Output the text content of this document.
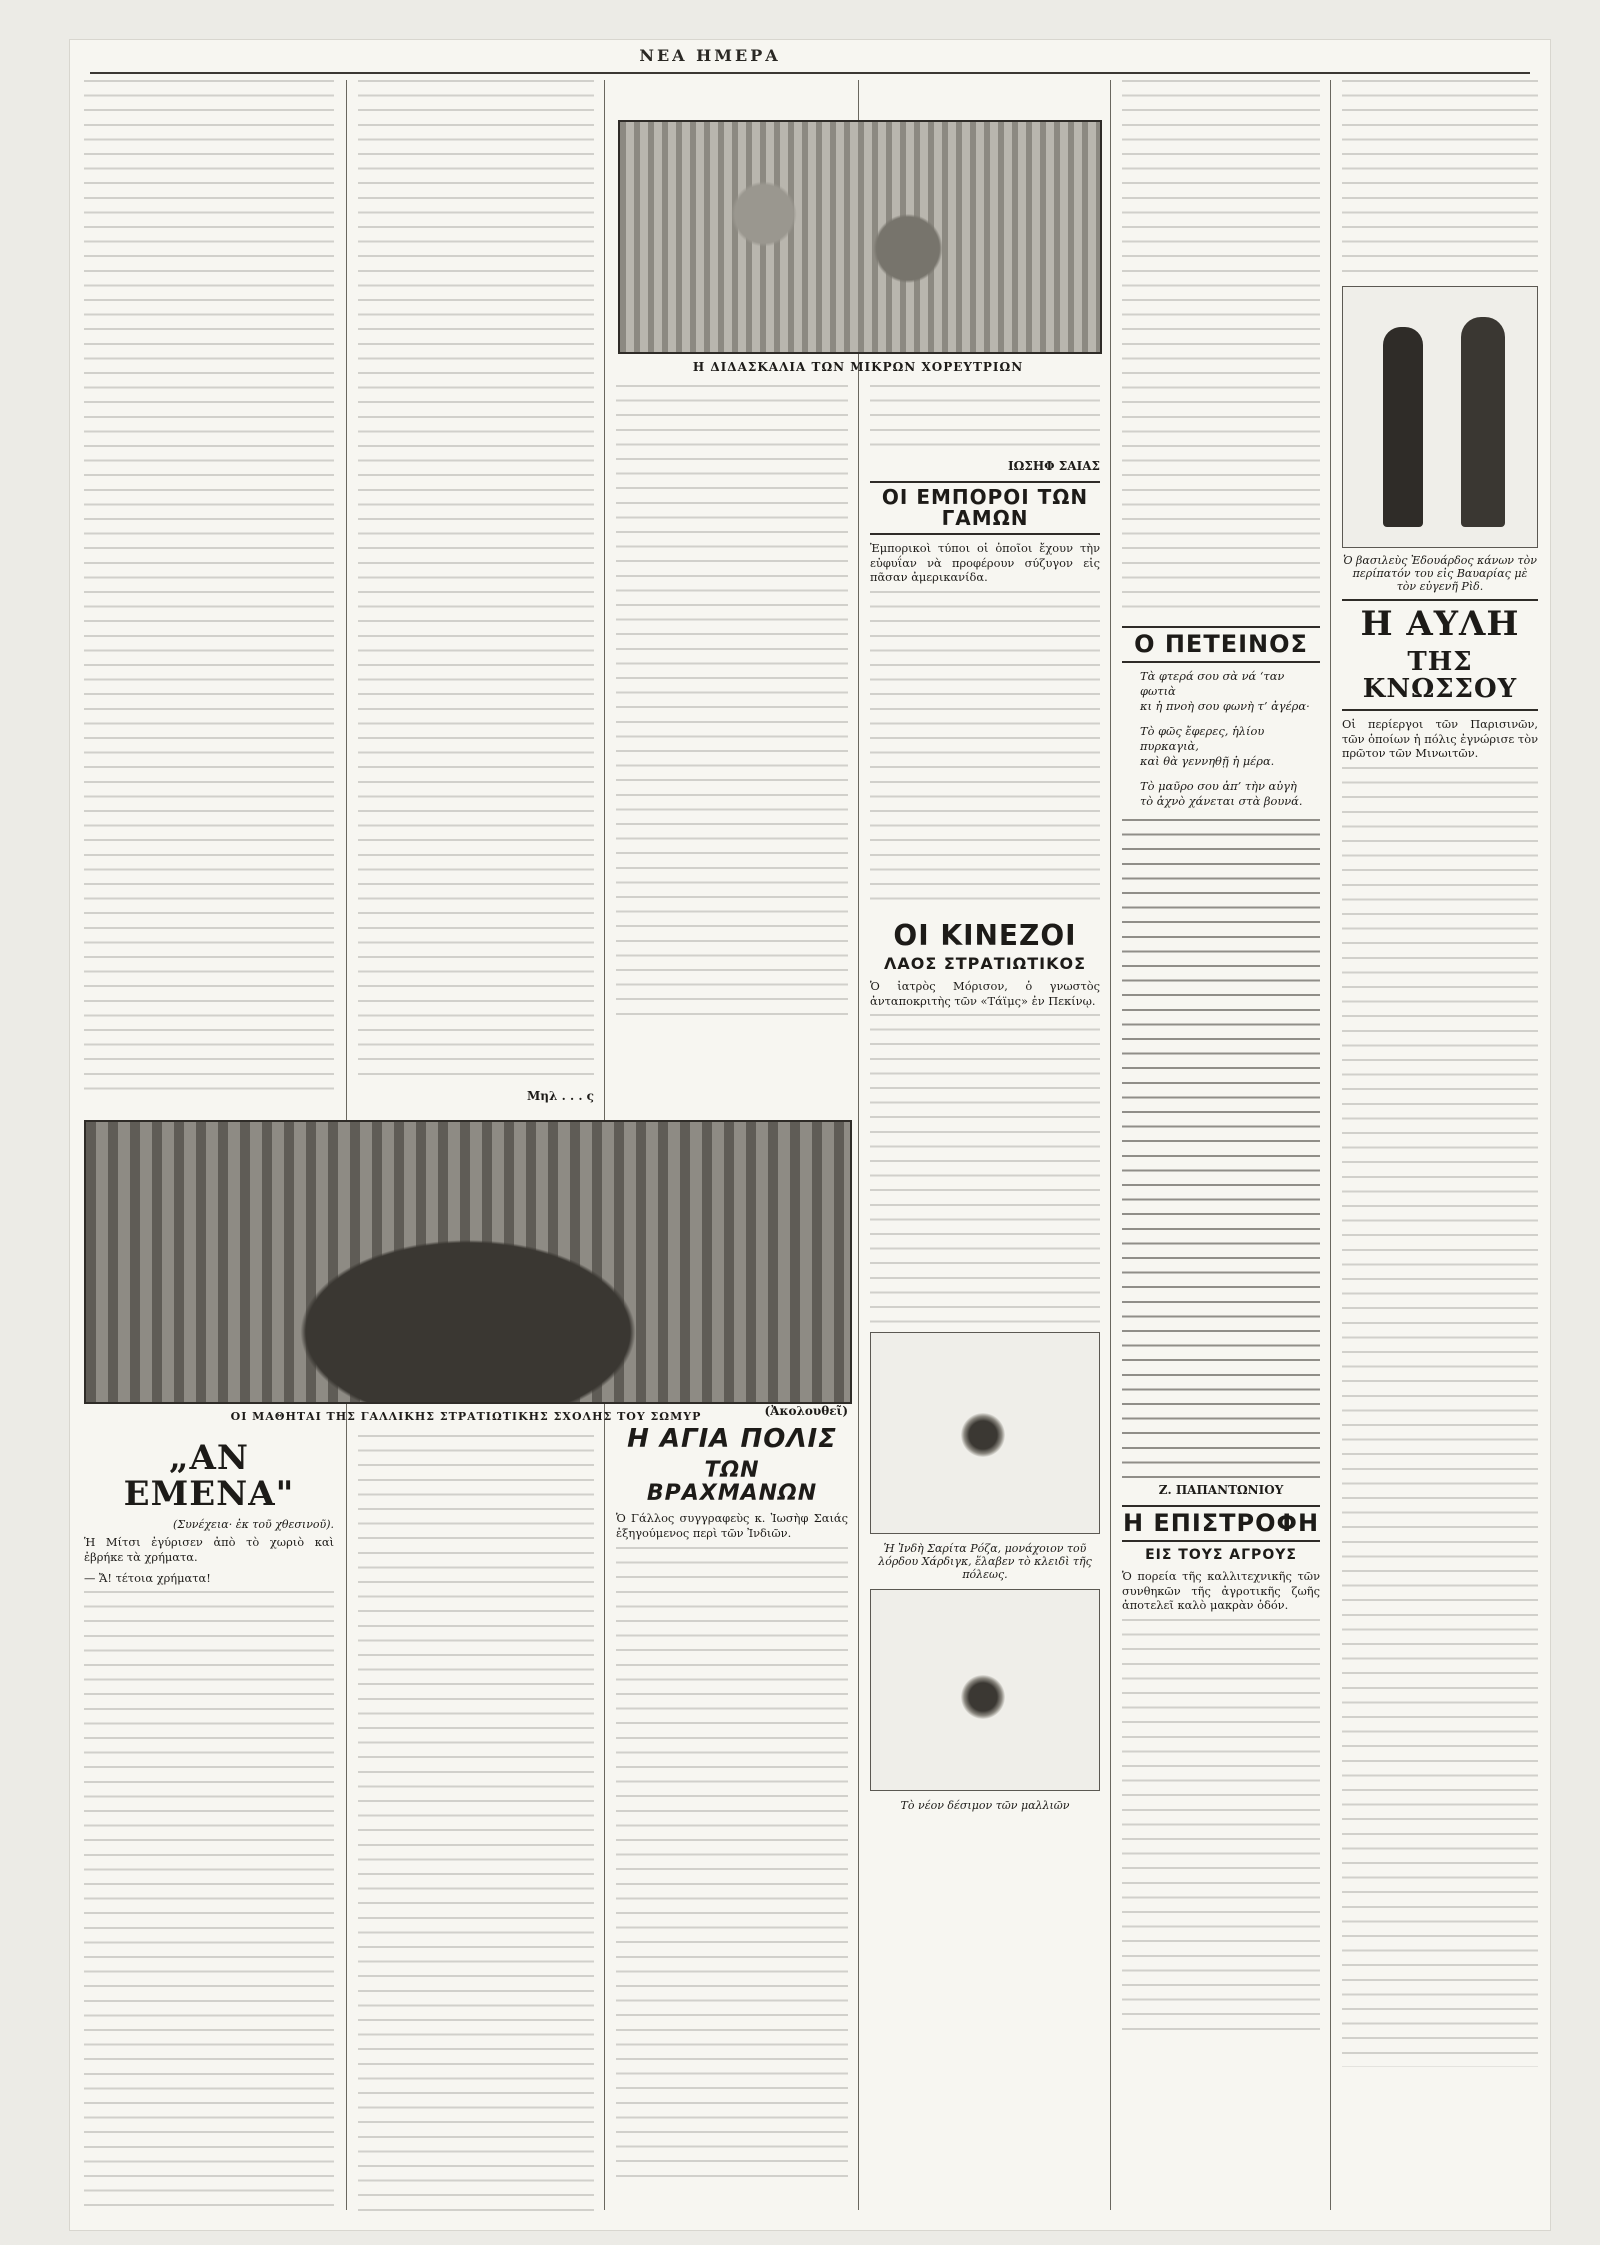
ΝΕΑ ΗΜΕΡΑ
Μηλ . . . ς
Η ΔΙΔΑΣΚΑΛΙΑ ΤΩΝ ΜΙΚΡΩΝ ΧΟΡΕΥΤΡΙΩΝ
ΙΩΣΗΦ ΣΑΙΑΣ
ΟΙ ΕΜΠΟΡΟΙ ΤΩΝ ΓΑΜΩΝ

Ἐμπορικοὶ τύποι οἱ ὁποῖοι ἔχουν τὴν εὐφυΐαν νὰ προφέρουν σύζυγον εἰς πᾶσαν ἀμερικανίδα.

ΟΙ ΚΙΝΕΖΟΙ
ΛΑΟΣ ΣΤΡΑΤΙΩΤΙΚΟΣ

Ὁ ἰατρὸς Μόρισον, ὁ γνωστὸς ἀνταποκριτὴς τῶν «Τάϊμς» ἐν Πεκίνῳ.

Ἡ Ἰνδὴ Σαρίτα Ρόζα, μονάχοιον τοῦ λόρδου Χάρδιγκ, ἕλαβεν τὸ κλειδὶ τῆς πόλεως.

Τὸ νέον δέσιμον τῶν μαλλιῶν

ΟΙ ΜΑΘΗΤΑΙ ΤΗΣ ΓΑΛΛΙΚΗΣ ΣΤΡΑΤΙΩΤΙΚΗΣ ΣΧΟΛΗΣ ΤΟΥ ΣΩΜΥΡ
„ΑΝ ΕΜΕΝΑ"
(Συνέχεια· ἐκ τοῦ χθεσινοῦ).

Ἡ Μίτσι ἐγύρισεν ἀπὸ τὸ χωριὸ καὶ ἐβρήκε τὰ χρήματα.

— Ἄ! τέτοια χρήματα!

(Ἀκολουθεῖ)
Η ΑΓΙΑ ΠΟΛΙΣ
ΤΩΝ ΒΡΑΧΜΑΝΩΝ

Ὁ Γάλλος συγγραφεὺς κ. Ἰωσὴφ Σαιάς ἐξηγούμενος περὶ τῶν Ἰνδιῶν.

Ο ΠΕΤΕΙΝΟΣ

Τὰ φτερά σου σὰ νά ‘ταν φωτιὰ
κι ἡ πνοὴ σου φωνὴ τ’ ἀγέρα·

Τὸ φῶς ἔφερες, ἡλίου πυρκαγιὰ,
καὶ θὰ γεννηθῇ ἡ μέρα.

Τὸ μαῦρο σου ἀπ’ τὴν αὐγὴ
τὸ ἀχνὸ χάνεται στὰ βουνά.

Ζ. ΠΑΠΑΝΤΩΝΙΟΥ
Η ΕΠΙΣΤΡΟΦΗ
ΕΙΣ ΤΟΥΣ ΑΓΡΟΥΣ

Ὁ πορεία τῆς καλλιτεχνικῆς τῶν συνθηκῶν τῆς ἀγροτικῆς ζωῆς ἀποτελεῖ καλὸ μακρὰν ὁδόν.

Ὁ βασιλεὺς Ἐδουάρδος κάνων τὸν περίπατόν του εἰς Βαυαρίας μὲ τὸν εὐγενῆ Ρὶδ.

Η ΑΥΛΗ
ΤΗΣ ΚΝΩΣΣΟΥ

Οἱ περίεργοι τῶν Παρισινῶν, τῶν ὁποίων ἡ πόλις ἐγνώρισε τὸν πρῶτον τῶν Μινωιτῶν.
